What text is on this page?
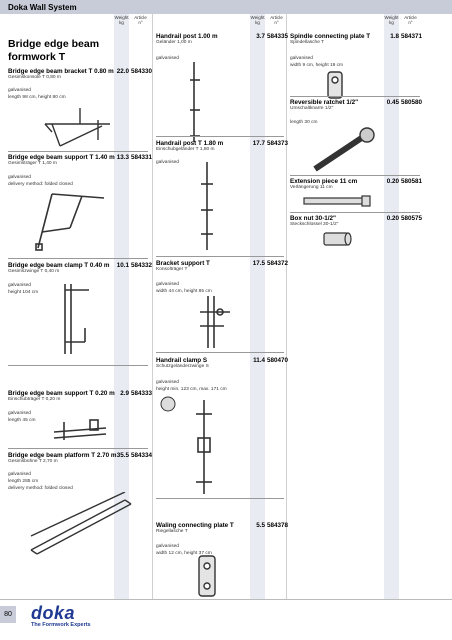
Doka Wall System
Weight
kg
Article
n°
Weight
kg
Article
n°
Weight
kg
Article
n°
Bridge edge beam
formwork T
Bridge edge beam bracket T 0.80 m
Gesimskonsole T 0,80 m
22.0 584330
galvanised
length 98 cm, height 80 cm
Bridge edge beam support T 1.40 m
Gesimsträger T 1,40 m
13.3 584331
galvanised
delivery method: folded closed
Bridge edge beam clamp T 0.40 m
Gesimszwinge T 0,40 m
10.1 584332
galvanised
height 104 cm
Bridge edge beam support T 0.20 m
Einschubträger T 0,20 m
2.9 584333
galvanised
length 45 cm
Bridge edge beam platform T 2.70 m
Gesimsbühne T 2,70 m
35.5 584334
galvanised
length 285 cm
delivery method: folded closed
Handrail post 1.00 m
Geländer 1,00 m
3.7 584335
galvanised
Handrail post T 1.80 m
Einschubgeländer T 1,80 m
17.7 584373
galvanised
Bracket support T
Konsolträger T
17.5 584372
galvanised
width 44 cm, height 85 cm
Handrail clamp S
Schutzgeländerzwinge S
11.4 580470
galvanised
height min. 123 cm, max. 171 cm
Waling connecting plate T
Riegellasche T
5.5 584378
galvanised
width 12 cm, height 37 cm
Spindle connecting plate T
Spindellasche T
1.8 584371
galvanised
width 9 cm, height 19 cm
Reversible ratchet 1/2"
Umschaltknarre 1/2"
0.45 580580
length 30 cm
Extension piece 11 cm
Verlängerung 11 cm
0.20 580581
Box nut 30-1/2"
Steckschlüssel 30-1/2"
0.20 580575
80 doka
The Formwork Experts
